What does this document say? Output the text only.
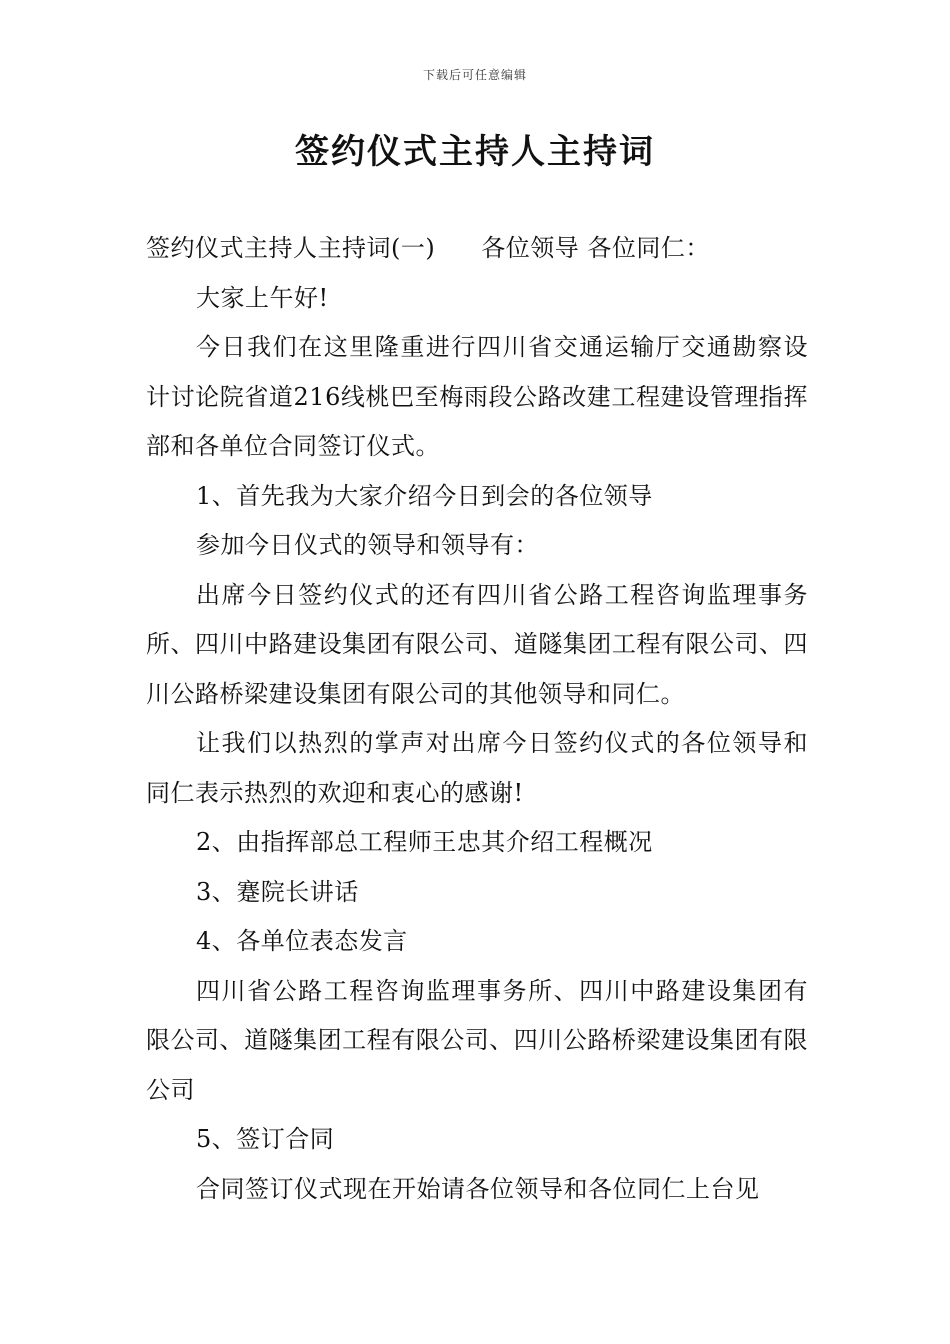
下载后可任意编辑
签约仪式主持人主持词

签约仪式主持人主持词(一) 各位领导 各位同仁：

大家上午好!

今日我们在这里隆重进行四川省交通运输厅交通勘察设计讨论院省道216线桃巴至梅雨段公路改建工程建设管理指挥部和各单位合同签订仪式。

1、首先我为大家介绍今日到会的各位领导

参加今日仪式的领导和领导有：

出席今日签约仪式的还有四川省公路工程咨询监理事务所、四川中路建设集团有限公司、道隧集团工程有限公司、四川公路桥梁建设集团有限公司的其他领导和同仁。

让我们以热烈的掌声对出席今日签约仪式的各位领导和同仁表示热烈的欢迎和衷心的感谢!

2、由指挥部总工程师王忠其介绍工程概况

3、蹇院长讲话

4、各单位表态发言

四川省公路工程咨询监理事务所、四川中路建设集团有限公司、道隧集团工程有限公司、四川公路桥梁建设集团有限公司

5、签订合同

合同签订仪式现在开始请各位领导和各位同仁上台见
